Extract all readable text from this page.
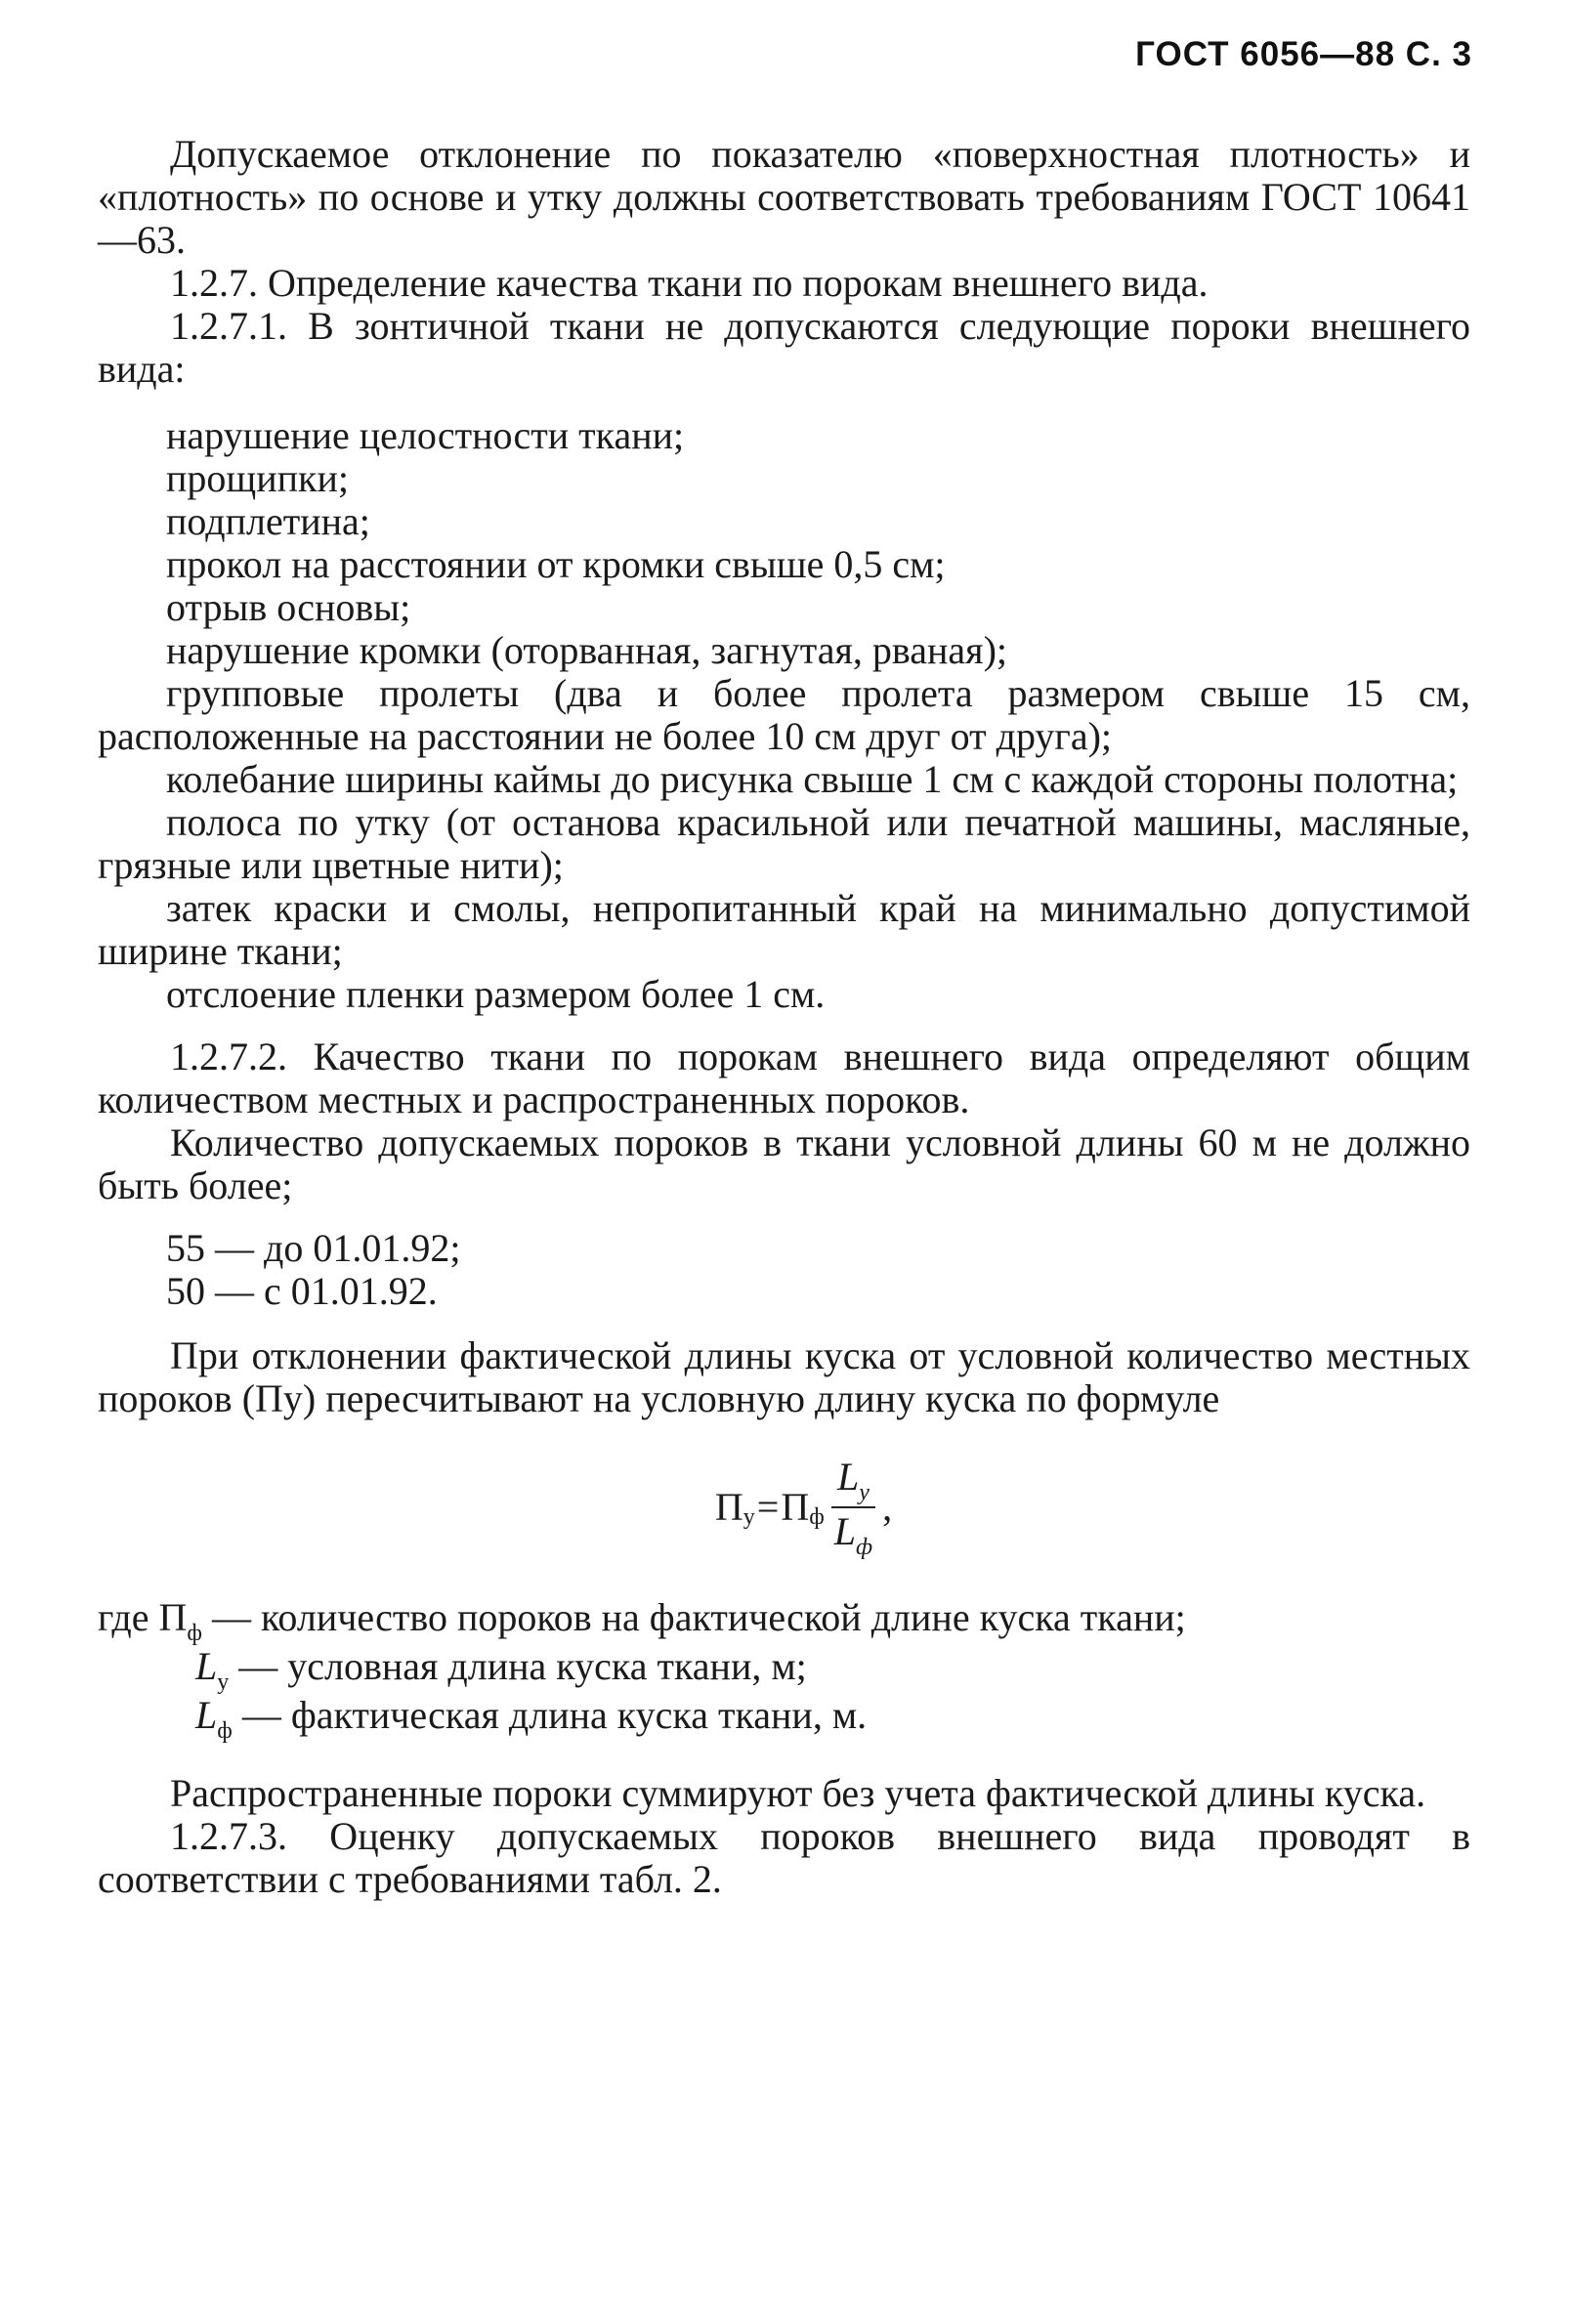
ГОСТ 6056—88 С. 3

Допускаемое отклонение по показателю «поверхностная плотность» и «плотность» по основе и утку должны соответствовать требованиям ГОСТ 10641—63.

1.2.7. Определение качества ткани по порокам внешнего вида.

1.2.7.1. В зонтичной ткани не допускаются следующие пороки внешнего вида:

нарушение целостности ткани;
прощипки;
подплетина;
прокол на расстоянии от кромки свыше 0,5 см;
отрыв основы;
нарушение кромки (оторванная, загнутая, рваная);
групповые пролеты (два и более пролета размером свыше 15 см, расположенные на расстоянии не более 10 см друг от друга);
колебание ширины каймы до рисунка свыше 1 см с каждой стороны полотна;
полоса по утку (от останова красильной или печатной машины, масляные, грязные или цветные нити);
затек краски и смолы, непропитанный край на минимально допустимой ширине ткани;
отслоение пленки размером более 1 см.

1.2.7.2. Качество ткани по порокам внешнего вида определяют общим количеством местных и распространенных пороков.

Количество допускаемых пороков в ткани условной длины 60 м не должно быть более;

55 — до 01.01.92;
50 — с 01.01.92.

При отклонении фактической длины куска от условной количество местных пороков (Пу) пересчитывают на условную длину куска по формуле

П у = П ф $\frac{L_у}{L_ф}$ ,

где $П_ф$ — количество пороков на фактической длине куска ткани;

$L_у$ — условная длина куска ткани, м;

$L_ф$ — фактическая длина куска ткани, м.

Распространенные пороки суммируют без учета фактической длины куска.

1.2.7.3. Оценку допускаемых пороков внешнего вида проводят в соответствии с требованиями табл. 2.
